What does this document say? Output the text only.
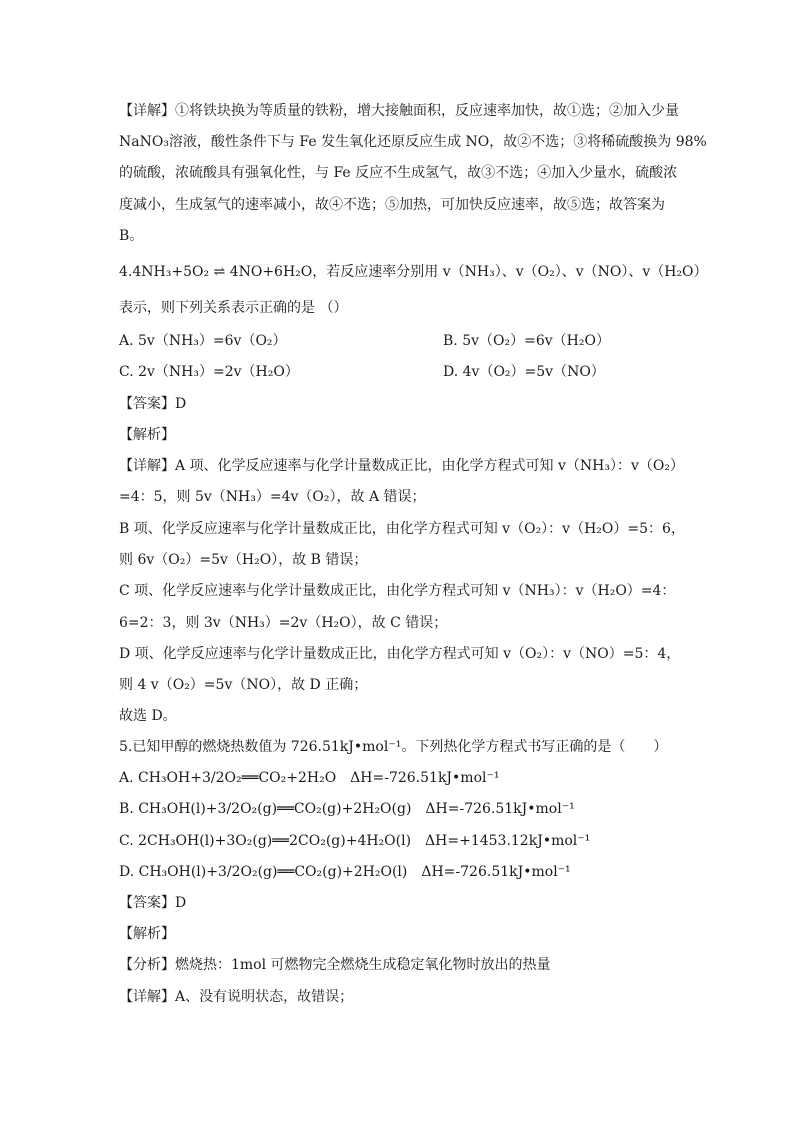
【详解】①将铁块换为等质量的铁粉，增大接触面积，反应速率加快，故①选；②加入少量
NaNO₃溶液，酸性条件下与 Fe 发生氧化还原反应生成 NO，故②不选；③将稀硫酸换为 98%
的硫酸，浓硫酸具有强氧化性，与 Fe 反应不生成氢气，故③不选；④加入少量水，硫酸浓
度减小，生成氢气的速率减小，故④不选；⑤加热，可加快反应速率，故⑤选；故答案为
B。
4.4NH₃+5O₂ ⇌ 4NO+6H₂O，若反应速率分别用 v（NH₃）、v（O₂）、v（NO）、v（H₂O）
表示，则下列关系表示正确的是 （）
A. 5v（NH₃）=6v（O₂）	B. 5v（O₂）=6v（H₂O）
C. 2v（NH₃）=2v（H₂O）	D. 4v（O₂）=5v（NO）
【答案】D
【解析】
【详解】A 项、化学反应速率与化学计量数成正比，由化学方程式可知 v（NH₃）：v（O₂）
=4：5，则 5v（NH₃）=4v（O₂），故 A 错误；
B 项、化学反应速率与化学计量数成正比，由化学方程式可知 v（O₂）：v（H₂O）=5：6，
则 6v（O₂）=5v（H₂O），故 B 错误；
C 项、化学反应速率与化学计量数成正比，由化学方程式可知 v（NH₃）：v（H₂O）=4：
6=2：3，则 3v（NH₃）=2v（H₂O），故 C 错误；
D 项、化学反应速率与化学计量数成正比，由化学方程式可知 v（O₂）：v（NO）=5：4，
则 4 v（O₂）=5v（NO），故 D 正确；
故选 D。
5.已知甲醇的燃烧热数值为 726.51kJ•mol⁻¹。下列热化学方程式书写正确的是（　　）
A. CH₃OH+3/2O₂══CO₂+2H₂O　ΔH=-726.51kJ•mol⁻¹
B. CH₃OH(l)+3/2O₂(g)══CO₂(g)+2H₂O(g)　ΔH=-726.51kJ•mol⁻¹
C. 2CH₃OH(l)+3O₂(g)══2CO₂(g)+4H₂O(l)　ΔH=+1453.12kJ•mol⁻¹
D. CH₃OH(l)+3/2O₂(g)══CO₂(g)+2H₂O(l)　ΔH=-726.51kJ•mol⁻¹
【答案】D
【解析】
【分析】燃烧热：1mol 可燃物完全燃烧生成稳定氧化物时放出的热量
【详解】A、没有说明状态，故错误；
